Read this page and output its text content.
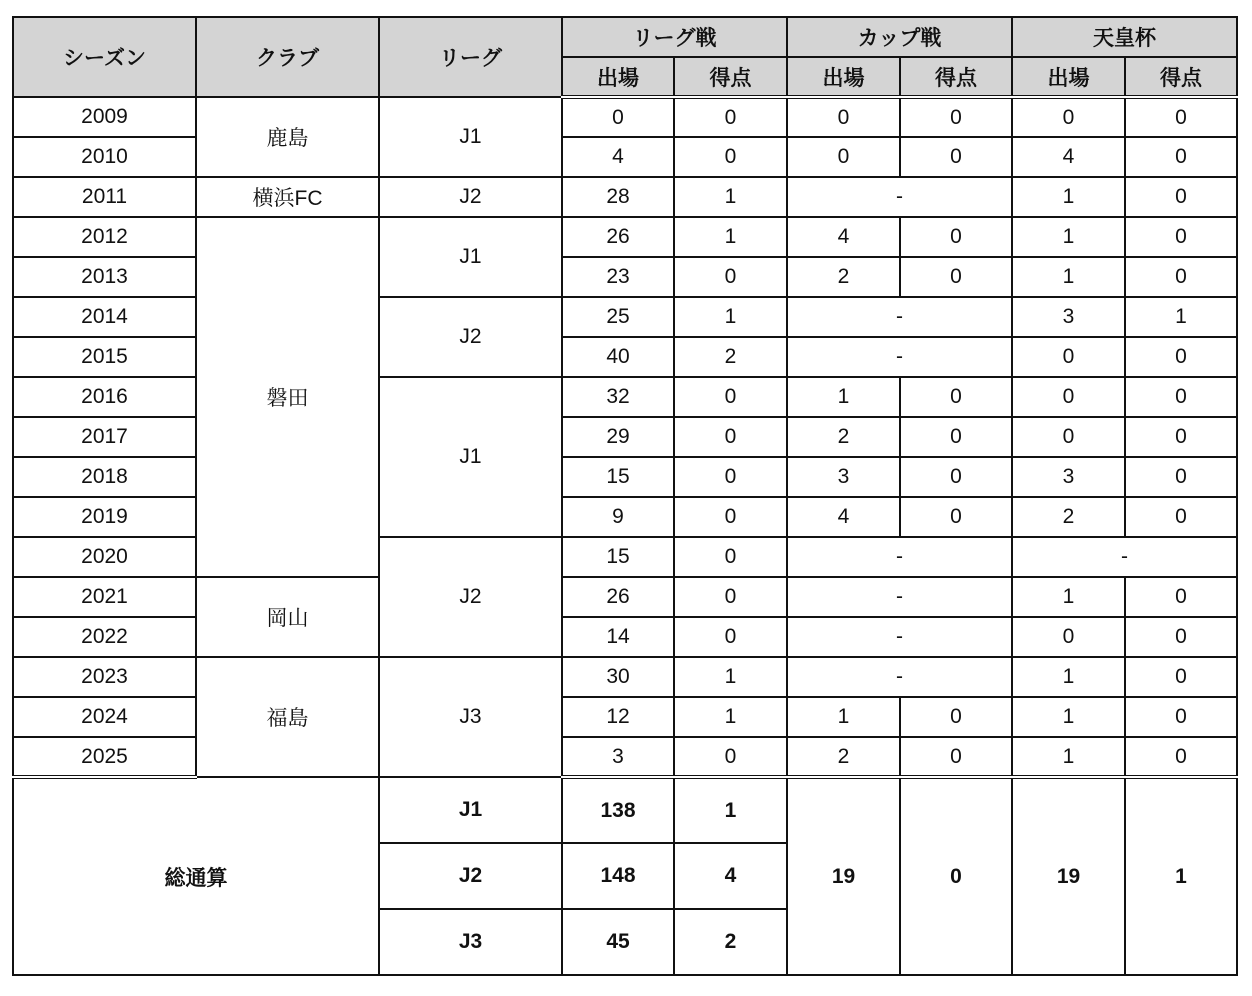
シーズン	クラブ	リーグ	リーグ戦		カップ戦		天皇杯	
			出場	得点	出場	得点	出場	得点
2009	鹿島	J1	0	0	0	0	0	0
2010			4	0	0	0	4	0
2011	横浜FC	J2	28	1	-		1	0
2012	磐田	J1	26	1	4	0	1	0
2013			23	0	2	0	1	0
2014		J2	25	1	-		3	1
2015			40	2	-		0	0
2016		J1	32	0	1	0	0	0
2017			29	0	2	0	0	0
2018			15	0	3	0	3	0
2019			9	0	4	0	2	0
2020		J2	15	0	-		-	
2021	岡山		26	0	-		1	0
2022			14	0	-		0	0
2023	福島	J3	30	1	-		1	0
2024			12	1	1	0	1	0
2025			3	0	2	0	1	0
総通算		J1	138	1	19	0	19	1
		J2	148	4				
		J3	45	2				
